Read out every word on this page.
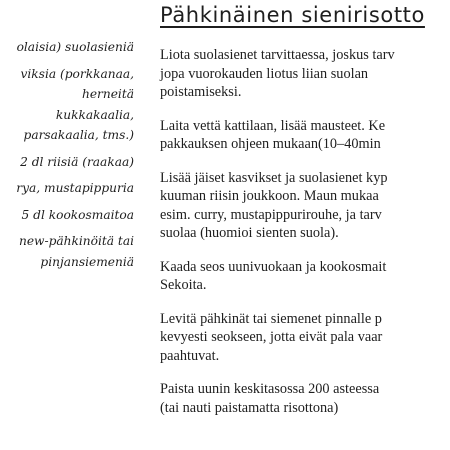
olaisia) suolasieniä
viksia (porkkanaa,
herneitä
kukkakaalia,
parsakaalia, tms.)
2 dl riisiä (raakaa)
rya, mustapippuria
5 dl kookosmaitoa
new-pähkinöitä tai
pinjansiemeniä
Pähkinäinen sienirisotto

Liota suolasienet tarvittaessa, joskus tarv
jopa vuorokauden liotus liian suolan
poistamiseksi.

Laita vettä kattilaan, lisää mausteet. Ke
pakkauksen ohjeen mukaan(10–40min

Lisää jäiset kasvikset ja suolasienet kyp
kuuman riisin joukkoon. Maun mukaa
esim. curry, mustapippurirouhe, ja tarv
suolaa (huomioi sienten suola).

Kaada seos uunivuokaan ja kookosmait
Sekoita.

Levitä pähkinät tai siemenet pinnalle p
kevyesti seokseen, jotta eivät pala vaar
paahtuvat.

Paista uunin keskitasossa 200 asteessa
(tai nauti paistamatta risottona)
